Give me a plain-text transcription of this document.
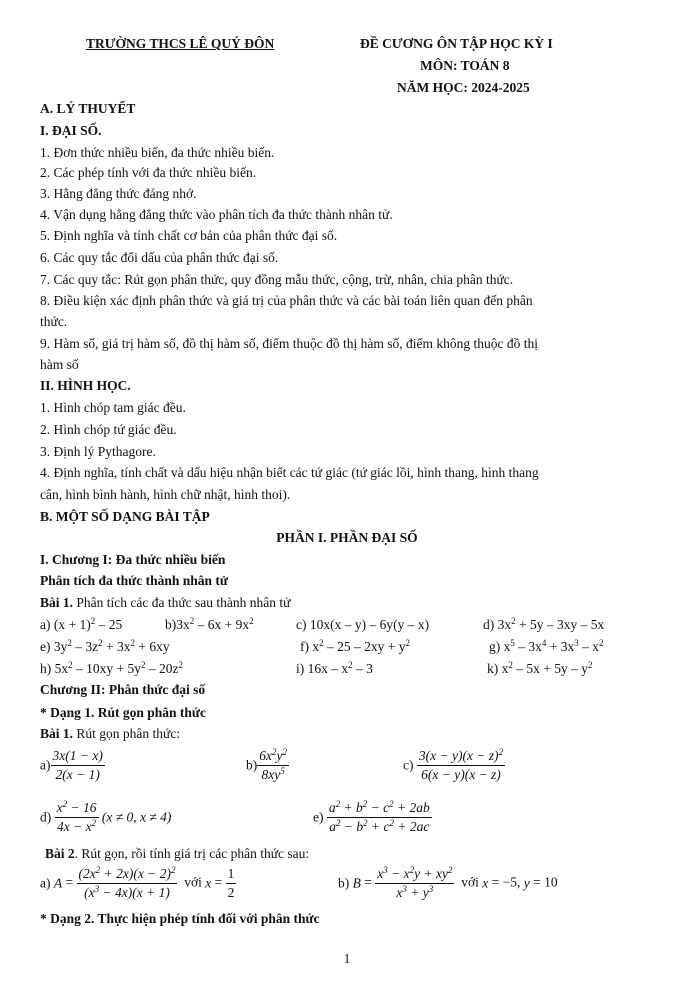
TRƯỜNG THCS LÊ QUÝ ĐÔN	ĐỀ CƯƠNG ÔN TẬP HỌC KỲ I
MÔN: TOÁN 8
NĂM HỌC: 2024-2025
A. LÝ THUYẾT
I. ĐẠI SỐ.
1. Đơn thức nhiều biến, đa thức nhiều biến.
2. Các phép tính với đa thức nhiều biến.
3. Hằng đẳng thức đáng nhớ.
4. Vận dụng hằng đẳng thức vào phân tích đa thức thành nhân tử.
5. Định nghĩa và tính chất cơ bản của phân thức đại số.
6. Các quy tắc đổi dấu của phân thức đại số.
7. Các quy tắc: Rút gọn phân thức, quy đồng mẫu thức, cộng, trừ, nhân, chia phân thức.
8. Điều kiện xác định phân thức và giá trị của phân thức và các bài toán liên quan đến phân
thức.
9. Hàm số, giá trị hàm số, đồ thị hàm số, điểm thuộc đồ thị hàm số, điểm không thuộc đồ thị
hàm số
II. HÌNH HỌC.
1. Hình chóp tam giác đều.
2. Hình chóp tứ giác đều.
3. Định lý Pythagore.
4. Định nghĩa, tính chất và dấu hiệu nhận biết các tứ giác (tứ giác lồi, hình thang, hình thang
cân, hình bình hành, hình chữ nhật, hình thoi).
B. MỘT SỐ DẠNG BÀI TẬP
PHẦN I. PHẦN ĐẠI SỐ
I. Chương I: Đa thức nhiều biến
Phân tích đa thức thành nhân tử
Bài 1. Phân tích các đa thức sau thành nhân tử
a) $(x + 1)^2 - 25$	$b)3x^2 - 6x + 9x^2$	c) 10x(x – y) – 6y(y – x)	d) $3x^2 + 5y - 3xy - 5x$
e) $3y^2 - 3z^2 + 3x^2 + 6xy$	f) $x^2 - 25 - 2xy + y^2$	g) $x^5 - 3x^4 + 3x^3 - x^2$
h) $5x^2 - 10xy + 5y^2 - 20z^2$	i) $16x - x^2 - 3$	k) $x^2 - 5x + 5y - y^2$
Chương II: Phân thức đại số
* Dạng 1. Rút gọn phân thức
Bài 1. Rút gọn phân thức:
$a) \frac{3x(1 - x)}{2(x - 1)}$	$b) \frac{6x^2y^2}{8xy^5}$	$c) \frac{3(x - y)(x - z)^2}{6(x - y)(x - z)}$
$d) \frac{x^2 - 16}{4x - x^2} (x \ne 0$, x ≠ 4)	$e) \frac{a^2 + b^2 - c^2 + 2ab}{a^2 - b^2 + c^2 + 2ac}$
Bài 2. Rút gọn, rồi tính giá trị các phân thức sau:
a) $A = \frac{(2x^2 + 2x)(x - 2)^2}{(x^3 - 4x)(x + 1)}$ với $x = \frac{1}{2}$	b) $B = \frac{x^3 - x^2y + xy^2}{x^3 + y^3}$ với x = −5, y = 10
* Dạng 2. Thực hiện phép tính đối với phân thức
1
